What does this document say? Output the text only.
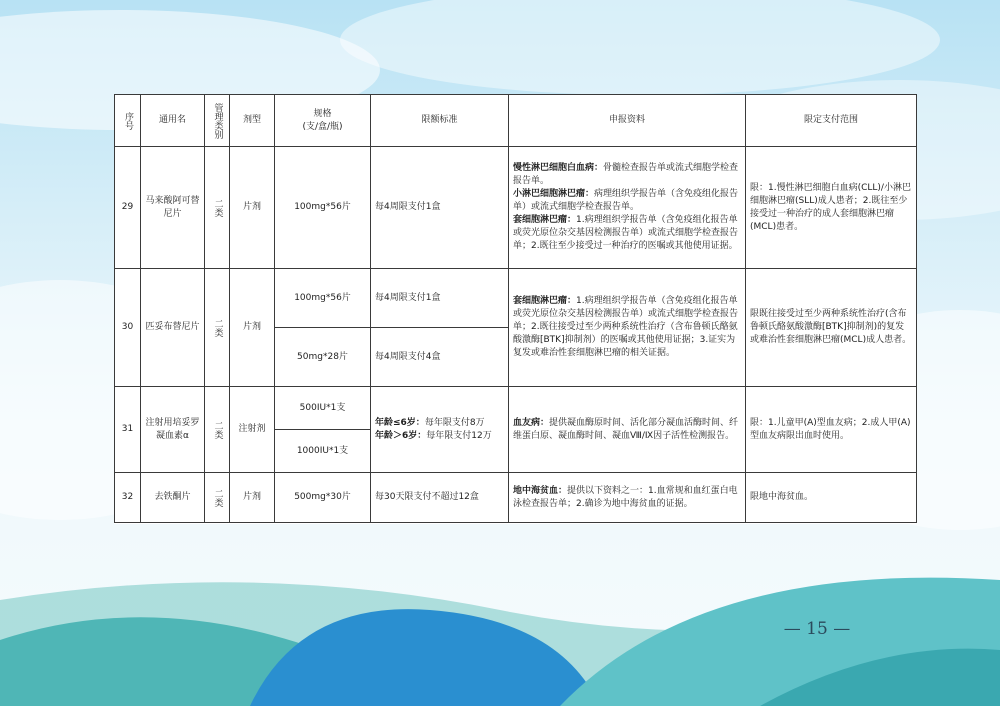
序号	通用名	管理类别	剂型	规格
(支/盒/瓶)	限额标准	申报资料	限定支付范围
29	马来酸阿可替尼片	二类	片剂	100mg*56片	每4周限支付1盒	慢性淋巴细胞白血病：骨髓检查报告单或流式细胞学检查报告单。
小淋巴细胞淋巴瘤：病理组织学报告单（含免疫组化报告单）或流式细胞学检查报告单。
套细胞淋巴瘤：1.病理组织学报告单（含免疫组化报告单或荧光原位杂交基因检测报告单）或流式细胞学检查报告单；2.既往至少接受过一种治疗的医嘱或其他使用证据。	限：1.慢性淋巴细胞白血病(CLL)/小淋巴细胞淋巴瘤(SLL)成人患者；2.既往至少接受过一种治疗的成人套细胞淋巴瘤(MCL)患者。
30	匹妥布替尼片	二类	片剂	100mg*56片	每4周限支付1盒	套细胞淋巴瘤：1.病理组织学报告单（含免疫组化报告单或荧光原位杂交基因检测报告单）或流式细胞学检查报告单；2.既往接受过至少两种系统性治疗（含布鲁顿氏酪氨酸激酶[BTK]抑制剂）的医嘱或其他使用证据；3.证实为复发或难治性套细胞淋巴瘤的相关证据。	限既往接受过至少两种系统性治疗(含布鲁顿氏酪氨酸激酶[BTK]抑制剂)的复发或难治性套细胞淋巴瘤(MCL)成人患者。
				50mg*28片	每4周限支付4盒		
31	注射用培妥罗凝血素α	二类	注射剂	500IU*1支	年龄≤6岁：每年限支付8万
年龄＞6岁：每年限支付12万	血友病：提供凝血酶原时间、活化部分凝血活酶时间、纤维蛋白原、凝血酶时间、凝血Ⅷ/Ⅸ因子活性检测报告。	限：1.儿童甲(A)型血友病；2.成人甲(A)型血友病限出血时使用。
				1000IU*1支			
32	去铁酮片	二类	片剂	500mg*30片	每30天限支付不超过12盒	地中海贫血：提供以下资料之一：1.血常规和血红蛋白电泳检查报告单；2.确诊为地中海贫血的证据。	限地中海贫血。
— 15 —
